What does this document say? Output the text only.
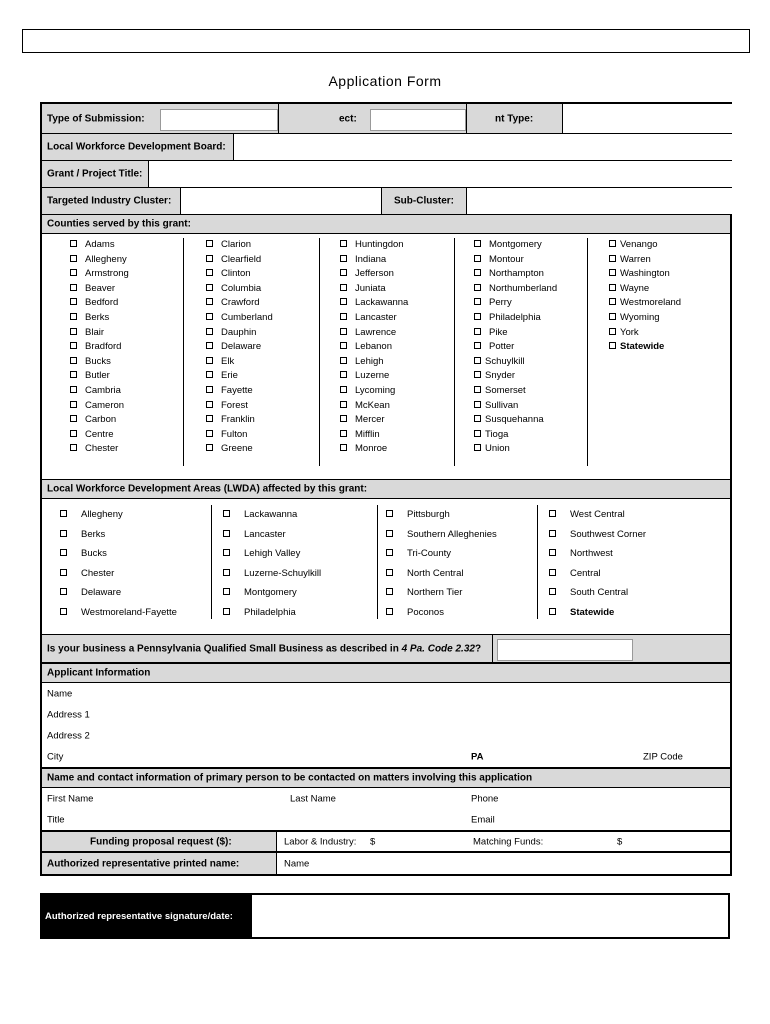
Application Form
Type of Submission:	ect:	nt Type:
Local Workforce Development Board:
Grant / Project Title:
Targeted Industry Cluster:	Sub-Cluster:
Counties served by this grant:
Adams
Allegheny
Armstrong
Beaver
Bedford
Berks
Blair
Bradford
Bucks
Butler
Cambria
Cameron
Carbon
Centre
Chester
Clarion
Clearfield
Clinton
Columbia
Crawford
Cumberland
Dauphin
Delaware
Elk
Erie
Fayette
Forest
Franklin
Fulton
Greene
Huntingdon
Indiana
Jefferson
Juniata
Lackawanna
Lancaster
Lawrence
Lebanon
Lehigh
Luzerne
Lycoming
McKean
Mercer
Mifflin
Monroe
Montgomery
Montour
Northampton
Northumberland
Perry
Philadelphia
Pike
Potter
Schuylkill
Snyder
Somerset
Sullivan
Susquehanna
Tioga
Union
Venango
Warren
Washington
Wayne
Westmoreland
Wyoming
York
Statewide
Local Workforce Development Areas (LWDA) affected by this grant:
Allegheny
Berks
Bucks
Chester
Delaware
Westmoreland-Fayette
Lackawanna
Lancaster
Lehigh Valley
Luzerne-Schuylkill
Montgomery
Philadelphia
Pittsburgh
Southern Alleghenies
Tri-County
North Central
Northern Tier
Poconos
West Central
Southwest Corner
Northwest
Central
South Central
Statewide
Is your business a Pennsylvania Qualified Small Business as described in 4 Pa. Code 2.32?
Applicant Information
Name
Address 1
Address 2
City	PA	ZIP Code
Name and contact information of primary person to be contacted on matters involving this application
First Name	Last Name	Phone
Title	Email
Funding proposal request ($):	Labor & Industry: $	Matching Funds:	$
Authorized representative printed name:	Name
Authorized representative signature/date:
